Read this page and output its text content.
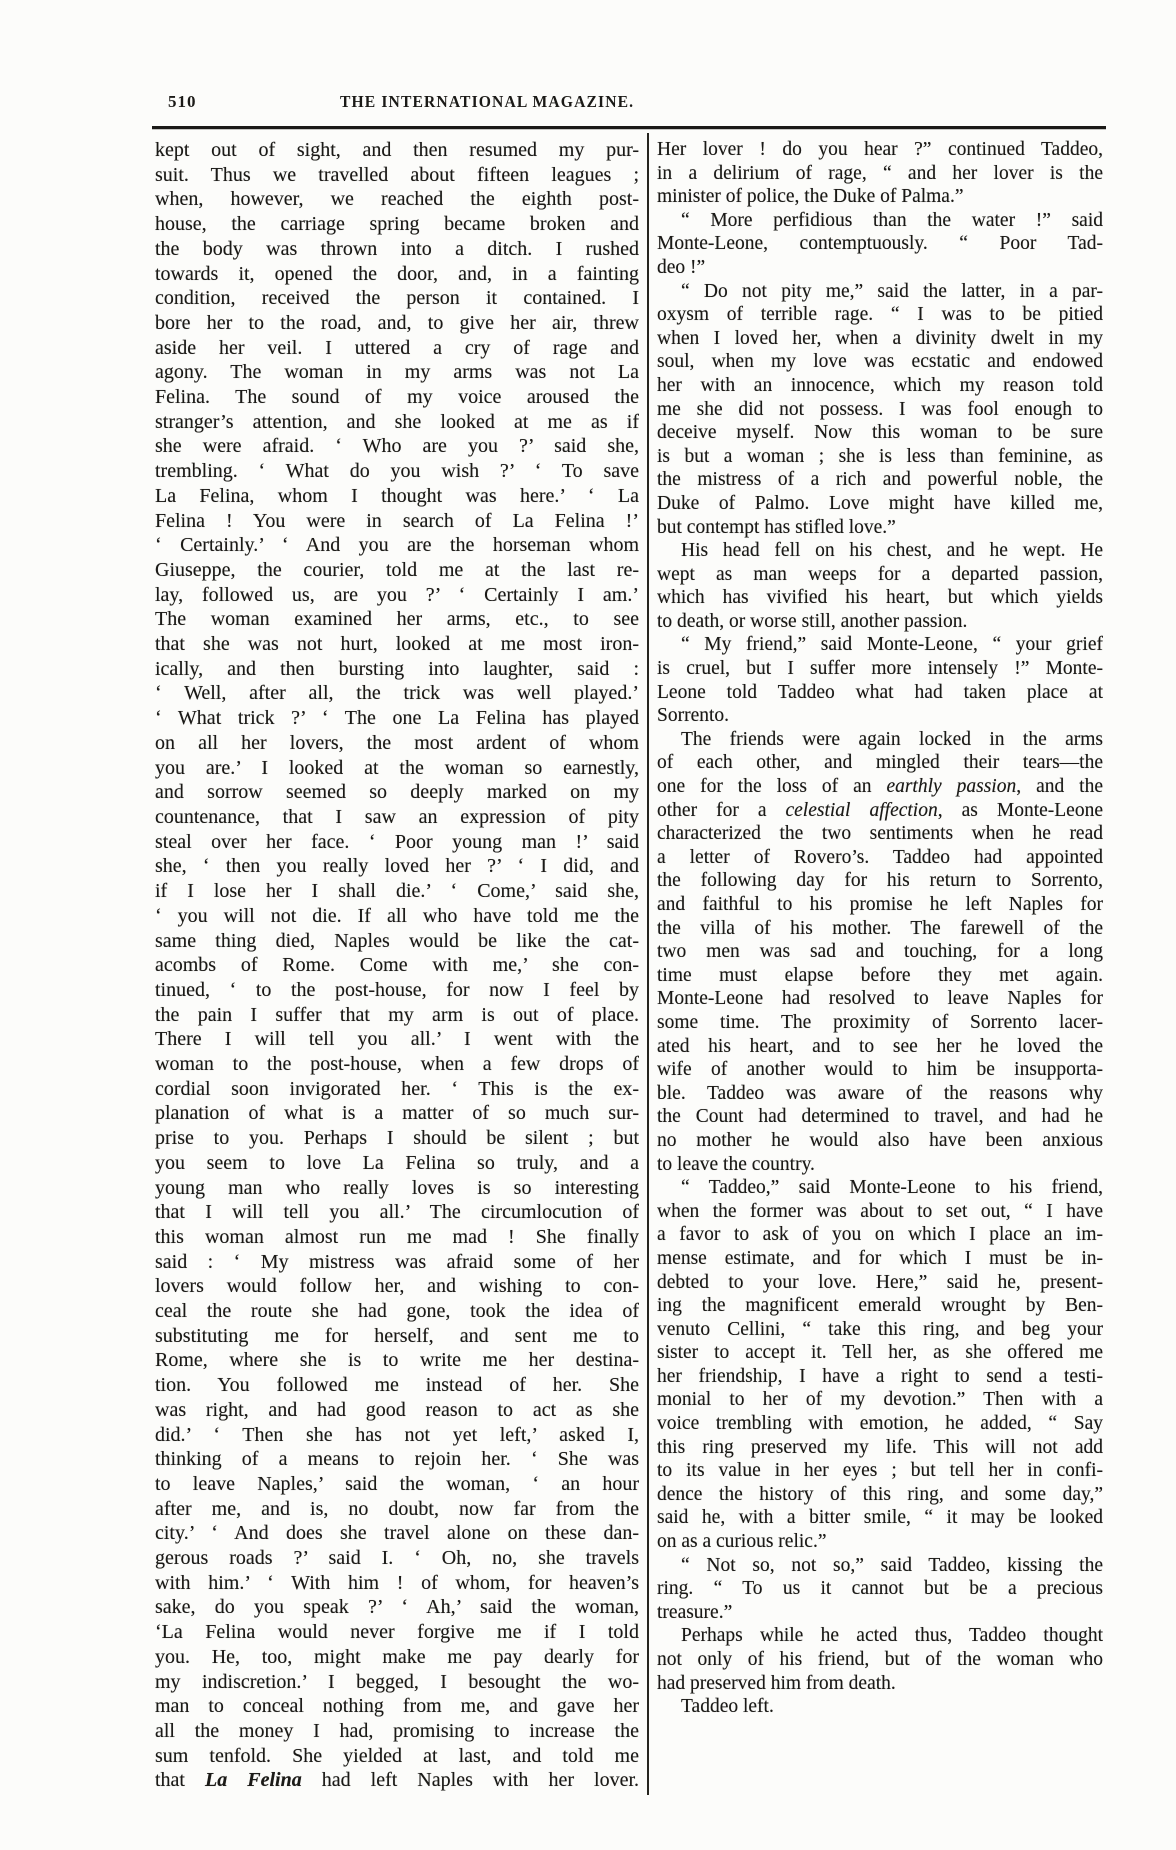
510	THE INTERNATIONAL MAGAZINE.
kept out of sight, and then resumed my pur-
suit. Thus we travelled about fifteen leagues ;
when, however, we reached the eighth post-
house, the carriage spring became broken and
the body was thrown into a ditch. I rushed
towards it, opened the door, and, in a fainting
condition, received the person it contained. I
bore her to the road, and, to give her air, threw
aside her veil. I uttered a cry of rage and
agony. The woman in my arms was not La
Felina. The sound of my voice aroused the
stranger’s attention, and she looked at me as if
she were afraid. ‘ Who are you ?’ said she,
trembling. ‘ What do you wish ?’ ‘ To save
La Felina, whom I thought was here.’ ‘ La
Felina ! You were in search of La Felina !’
‘ Certainly.’ ‘ And you are the horseman whom
Giuseppe, the courier, told me at the last re-
lay, followed us, are you ?’ ‘ Certainly I am.’
The woman examined her arms, etc., to see
that she was not hurt, looked at me most iron-
ically, and then bursting into laughter, said :
‘ Well, after all, the trick was well played.’
‘ What trick ?’ ‘ The one La Felina has played
on all her lovers, the most ardent of whom
you are.’ I looked at the woman so earnestly,
and sorrow seemed so deeply marked on my
countenance, that I saw an expression of pity
steal over her face. ‘ Poor young man !’ said
she, ‘ then you really loved her ?’ ‘ I did, and
if I lose her I shall die.’ ‘ Come,’ said she,
‘ you will not die. If all who have told me the
same thing died, Naples would be like the cat-
acombs of Rome. Come with me,’ she con-
tinued, ‘ to the post-house, for now I feel by
the pain I suffer that my arm is out of place.
There I will tell you all.’ I went with the
woman to the post-house, when a few drops of
cordial soon invigorated her. ‘ This is the ex-
planation of what is a matter of so much sur-
prise to you. Perhaps I should be silent ; but
you seem to love La Felina so truly, and a
young man who really loves is so interesting
that I will tell you all.’ The circumlocution of
this woman almost run me mad ! She finally
said : ‘ My mistress was afraid some of her
lovers would follow her, and wishing to con-
ceal the route she had gone, took the idea of
substituting me for herself, and sent me to
Rome, where she is to write me her destina-
tion. You followed me instead of her. She
was right, and had good reason to act as she
did.’ ‘ Then she has not yet left,’ asked I,
thinking of a means to rejoin her. ‘ She was
to leave Naples,’ said the woman, ‘ an hour
after me, and is, no doubt, now far from the
city.’ ‘ And does she travel alone on these dan-
gerous roads ?’ said I. ‘ Oh, no, she travels
with him.’ ‘ With him ! of whom, for heaven’s
sake, do you speak ?’ ‘ Ah,’ said the woman,
‘La Felina would never forgive me if I told
you. He, too, might make me pay dearly for
my indiscretion.’ I begged, I besought the wo-
man to conceal nothing from me, and gave her
all the money I had, promising to increase the
sum tenfold. She yielded at last, and told me
that La Felina had left Naples with her lover.
Her lover ! do you hear ?” continued Taddeo,
in a delirium of rage, “ and her lover is the
minister of police, the Duke of Palma.”
“ More perfidious than the water !” said
Monte-Leone, contemptuously. “ Poor Tad-
deo !”
“ Do not pity me,” said the latter, in a par-
oxysm of terrible rage. “ I was to be pitied
when I loved her, when a divinity dwelt in my
soul, when my love was ecstatic and endowed
her with an innocence, which my reason told
me she did not possess. I was fool enough to
deceive myself. Now this woman to be sure
is but a woman ; she is less than feminine, as
the mistress of a rich and powerful noble, the
Duke of Palmo. Love might have killed me,
but contempt has stifled love.”
His head fell on his chest, and he wept. He
wept as man weeps for a departed passion,
which has vivified his heart, but which yields
to death, or worse still, another passion.
“ My friend,” said Monte-Leone, “ your grief
is cruel, but I suffer more intensely !” Monte-
Leone told Taddeo what had taken place at
Sorrento.
The friends were again locked in the arms
of each other, and mingled their tears—the
one for the loss of an earthly passion, and the
other for a celestial affection, as Monte-Leone
characterized the two sentiments when he read
a letter of Rovero’s. Taddeo had appointed
the following day for his return to Sorrento,
and faithful to his promise he left Naples for
the villa of his mother. The farewell of the
two men was sad and touching, for a long
time must elapse before they met again.
Monte-Leone had resolved to leave Naples for
some time. The proximity of Sorrento lacer-
ated his heart, and to see her he loved the
wife of another would to him be insupporta-
ble. Taddeo was aware of the reasons why
the Count had determined to travel, and had he
no mother he would also have been anxious
to leave the country.
“ Taddeo,” said Monte-Leone to his friend,
when the former was about to set out, “ I have
a favor to ask of you on which I place an im-
mense estimate, and for which I must be in-
debted to your love. Here,” said he, present-
ing the magnificent emerald wrought by Ben-
venuto Cellini, “ take this ring, and beg your
sister to accept it. Tell her, as she offered me
her friendship, I have a right to send a testi-
monial to her of my devotion.” Then with a
voice trembling with emotion, he added, “ Say
this ring preserved my life. This will not add
to its value in her eyes ; but tell her in confi-
dence the history of this ring, and some day,”
said he, with a bitter smile, “ it may be looked
on as a curious relic.”
“ Not so, not so,” said Taddeo, kissing the
ring. “ To us it cannot but be a precious
treasure.”
Perhaps while he acted thus, Taddeo thought
not only of his friend, but of the woman who
had preserved him from death.
Taddeo left.
